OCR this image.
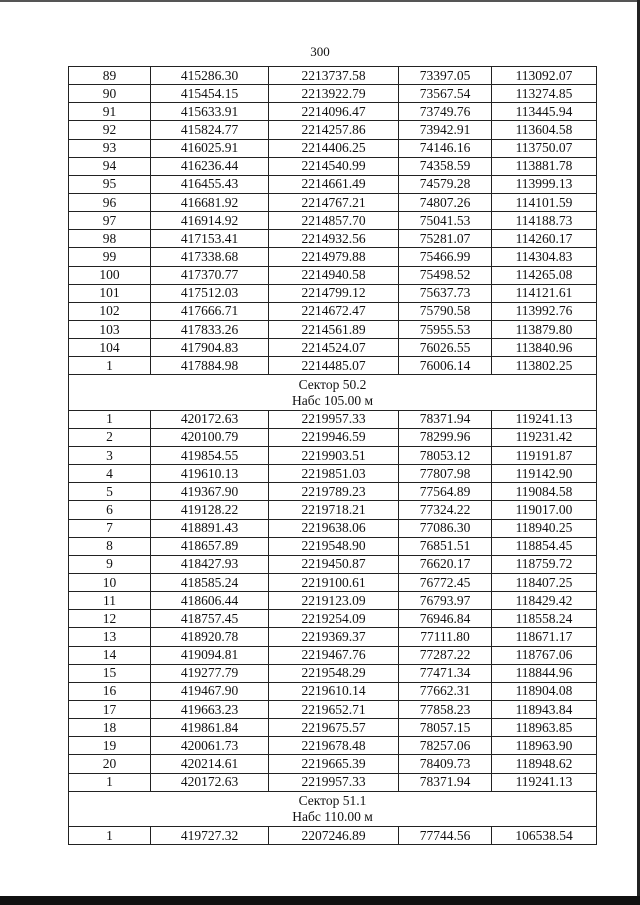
300
89	415286.30	2213737.58	73397.05	113092.07
90	415454.15	2213922.79	73567.54	113274.85
91	415633.91	2214096.47	73749.76	113445.94
92	415824.77	2214257.86	73942.91	113604.58
93	416025.91	2214406.25	74146.16	113750.07
94	416236.44	2214540.99	74358.59	113881.78
95	416455.43	2214661.49	74579.28	113999.13
96	416681.92	2214767.21	74807.26	114101.59
97	416914.92	2214857.70	75041.53	114188.73
98	417153.41	2214932.56	75281.07	114260.17
99	417338.68	2214979.88	75466.99	114304.83
100	417370.77	2214940.58	75498.52	114265.08
101	417512.03	2214799.12	75637.73	114121.61
102	417666.71	2214672.47	75790.58	113992.76
103	417833.26	2214561.89	75955.53	113879.80
104	417904.83	2214524.07	76026.55	113840.96
1	417884.98	2214485.07	76006.14	113802.25

Сектор 50.2
Набс 105.00 м				

1	420172.63	2219957.33	78371.94	119241.13
2	420100.79	2219946.59	78299.96	119231.42
3	419854.55	2219903.51	78053.12	119191.87
4	419610.13	2219851.03	77807.98	119142.90
5	419367.90	2219789.23	77564.89	119084.58
6	419128.22	2219718.21	77324.22	119017.00
7	418891.43	2219638.06	77086.30	118940.25
8	418657.89	2219548.90	76851.51	118854.45
9	418427.93	2219450.87	76620.17	118759.72
10	418585.24	2219100.61	76772.45	118407.25
11	418606.44	2219123.09	76793.97	118429.42
12	418757.45	2219254.09	76946.84	118558.24
13	418920.78	2219369.37	77111.80	118671.17
14	419094.81	2219467.76	77287.22	118767.06
15	419277.79	2219548.29	77471.34	118844.96
16	419467.90	2219610.14	77662.31	118904.08
17	419663.23	2219652.71	77858.23	118943.84
18	419861.84	2219675.57	78057.15	118963.85
19	420061.73	2219678.48	78257.06	118963.90
20	420214.61	2219665.39	78409.73	118948.62
1	420172.63	2219957.33	78371.94	119241.13

Сектор 51.1
Набс 110.00 м				

1	419727.32	2207246.89	77744.56	106538.54
